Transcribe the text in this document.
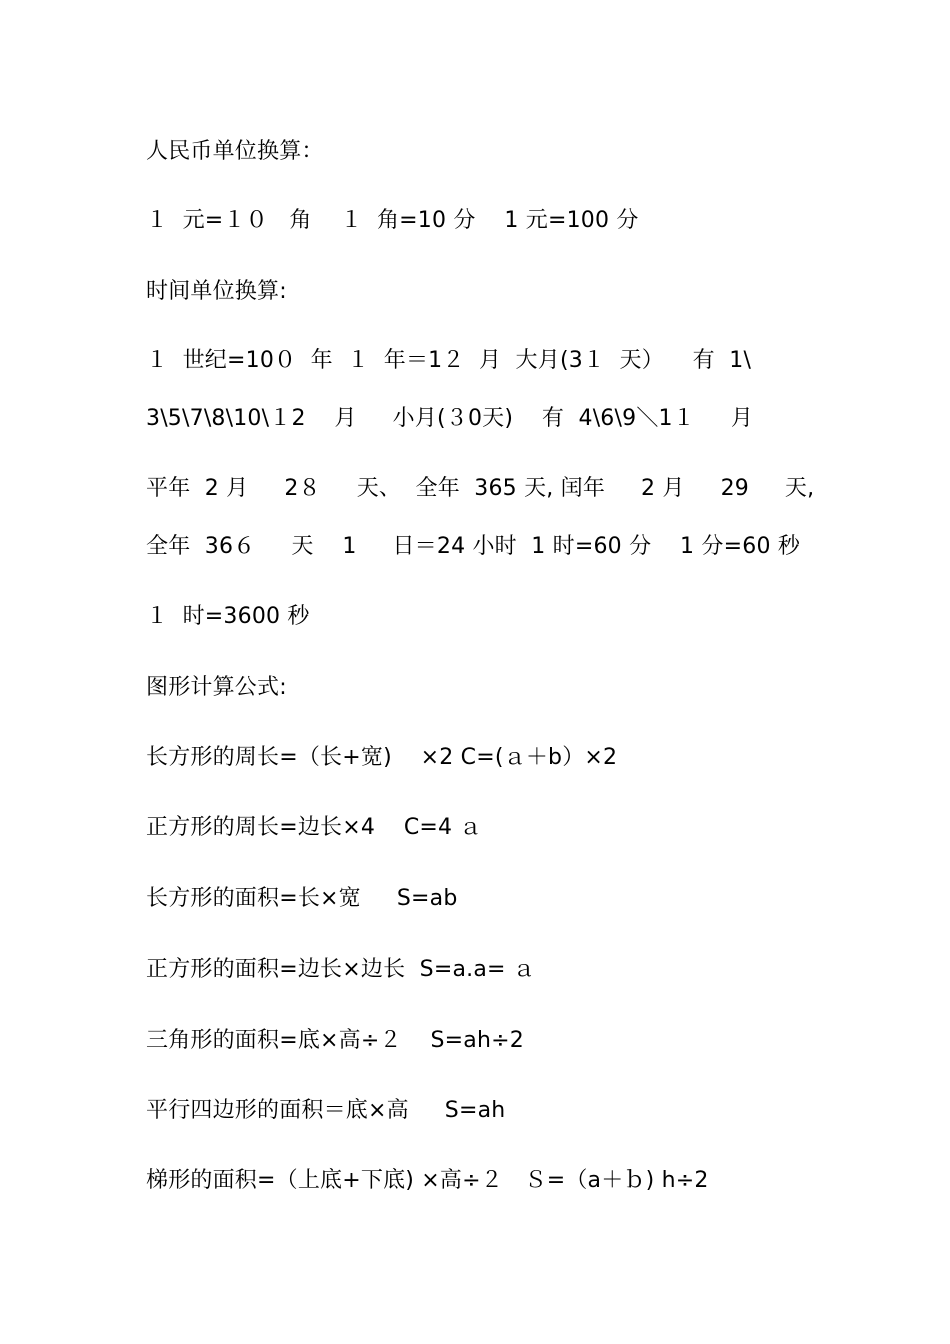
人民币单位换算：
１  元=１０   角    １  角=10 分    1 元=100 分
时间单位换算:
１  世纪=10０  年  １  年＝1２  月  大月(3１  天）    有  1\
3\5\7\8\10\１2    月     小月(３0天)    有  4\6\9＼1１     月
平年  2 月     2８     天、  全年  365 天, 闰年     2 月     29     天,
全年  36６     天    1     日＝24 小时  1 时=60 分    1 分=60 秒
１  时=3600 秒
图形计算公式:
长方形的周长=（长+宽)    ×2 C=(ａ＋b）×2
正方形的周长=边长×4    C=4 ａ
长方形的面积=长×宽     S=ab
正方形的面积=边长×边长  S=a.a= ａ
三角形的面积=底×高÷２    S=ah÷2
平行四边形的面积＝底×高     S=ah
梯形的面积=（上底+下底) ×高÷２   Ｓ=（a＋ｂ) h÷2
